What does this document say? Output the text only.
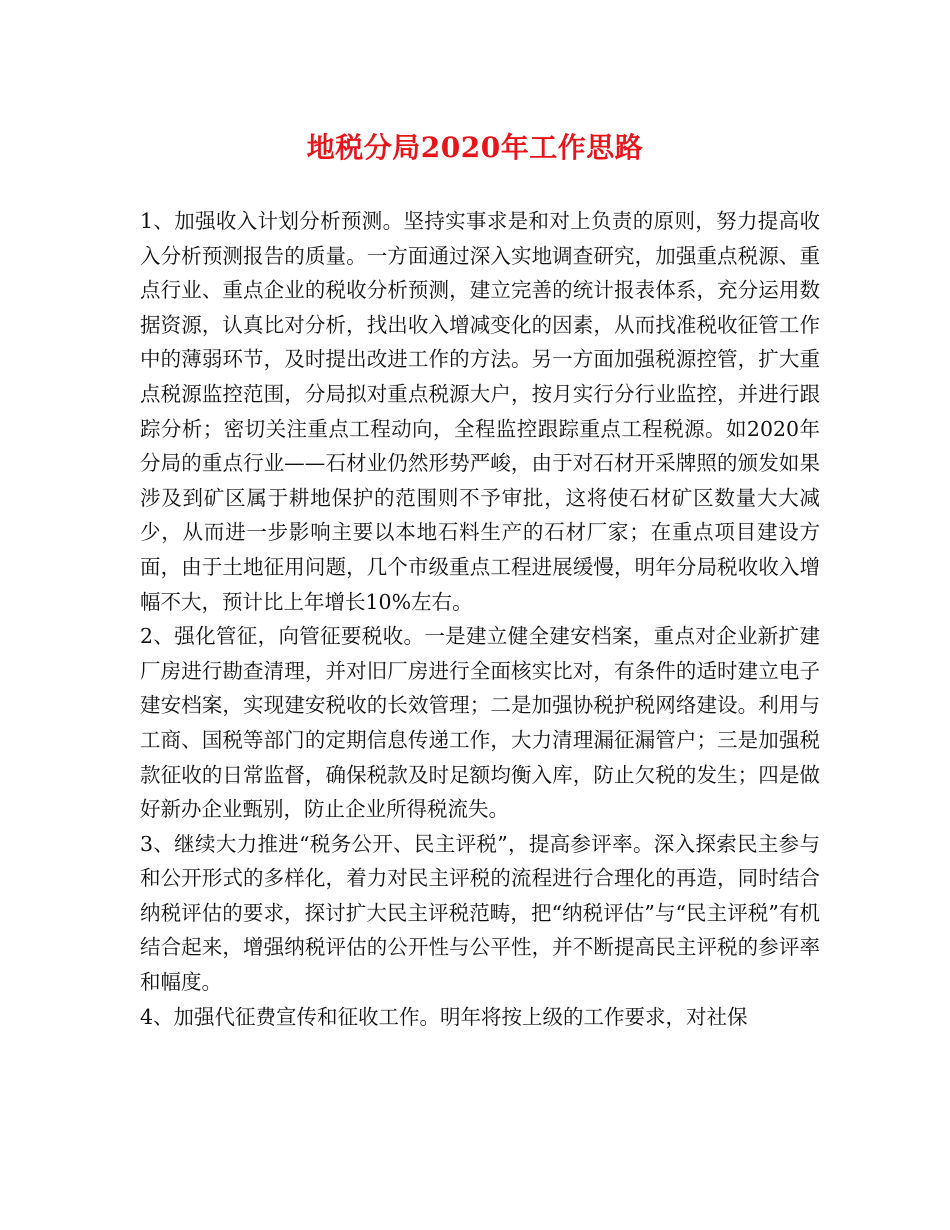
地税分局2020年工作思路

1、加强收入计划分析预测。坚持实事求是和对上负责的原则，努力提高收入分析预测报告的质量。一方面通过深入实地调查研究，加强重点税源、重点行业、重点企业的税收分析预测，建立完善的统计报表体系，充分运用数据资源，认真比对分析，找出收入增减变化的因素，从而找准税收征管工作中的薄弱环节，及时提出改进工作的方法。另一方面加强税源控管，扩大重点税源监控范围，分局拟对重点税源大户，按月实行分行业监控，并进行跟踪分析；密切关注重点工程动向，全程监控跟踪重点工程税源。如2020年分局的重点行业——石材业仍然形势严峻，由于对石材开采牌照的颁发如果涉及到矿区属于耕地保护的范围则不予审批，这将使石材矿区数量大大减少，从而进一步影响主要以本地石料生产的石材厂家；在重点项目建设方面，由于土地征用问题，几个市级重点工程进展缓慢，明年分局税收收入增幅不大，预计比上年增长10%左右。

2、强化管征，向管征要税收。一是建立健全建安档案，重点对企业新扩建厂房进行勘查清理，并对旧厂房进行全面核实比对，有条件的适时建立电子建安档案，实现建安税收的长效管理；二是加强协税护税网络建设。利用与工商、国税等部门的定期信息传递工作，大力清理漏征漏管户；三是加强税款征收的日常监督，确保税款及时足额均衡入库，防止欠税的发生；四是做好新办企业甄别，防止企业所得税流失。

3、继续大力推进“税务公开、民主评税”，提高参评率。深入探索民主参与和公开形式的多样化，着力对民主评税的流程进行合理化的再造，同时结合纳税评估的要求，探讨扩大民主评税范畴，把“纳税评估”与“民主评税”有机结合起来，增强纳税评估的公开性与公平性，并不断提高民主评税的参评率和幅度。

4、加强代征费宣传和征收工作。明年将按上级的工作要求，对社保
